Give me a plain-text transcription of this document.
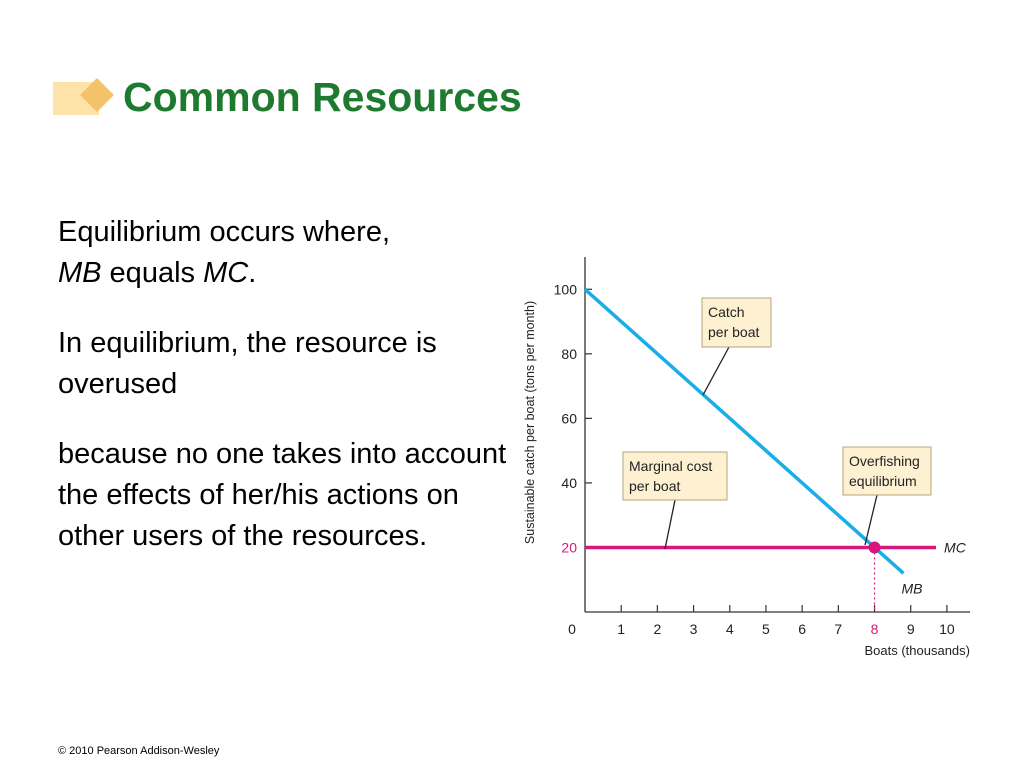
Common Resources

Equilibrium occurs where,
MB equals MC.

In equilibrium, the resource is overused

because no one takes into account the effects of her/his actions on other users of the resources.	20
40
60
80
100
1 2 3 4 5 6 7 8 9 10
0
Boats (thousands)
Sustainable catch per boat (tons per month)
MC
MB
Catch
per boat
Marginal cost
per boat
Overfishing
equilibrium
© 2010 Pearson Addison-Wesley
